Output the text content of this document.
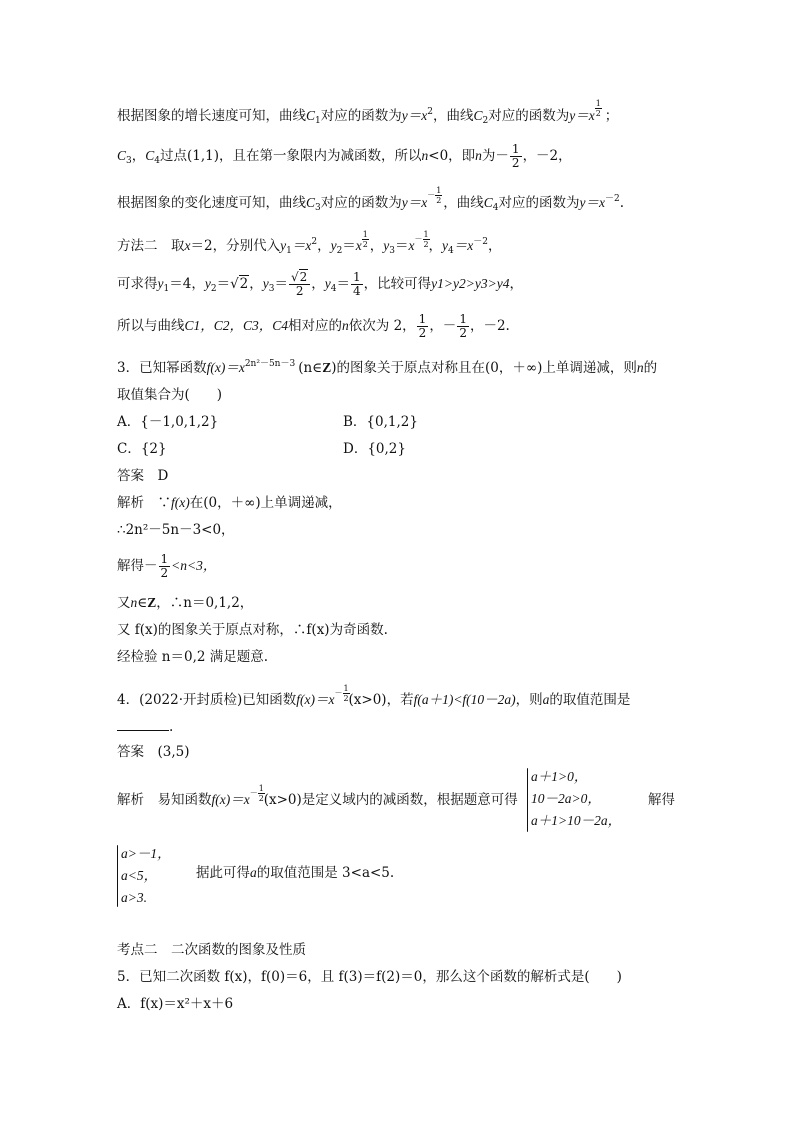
根据图象的增长速度可知，曲线$C_1$对应的函数为$y=x^2$，曲线$C_2$对应的函数为$y=x \frac{1}{2}$ ；
$C_3$，$C_4$过点(1,1)，且在第一象限内为减函数，所以n<0，即n为－ $\frac{1}{2}$ ，－2，
根据图象的变化速度可知，曲线$C_3$对应的函数为y＝x
－ $\frac{1}{2}$ ，曲线$C_4$对应的函数为$y=x^{-2}$.
方法二　取x＝2，分别代入$y_1=x^2$，$y_2=x \frac{1}{2}$ ，$y_3=x - \frac{1}{2}$
，$y_4=x^{-2}$，
可求得$y_1=4$，$y_2=√2$，$y_3= \frac{√2}{2}$ ，$y_4= \frac{1}{4}$ ，比较可得y1>y2>y3>y4，
所以与曲线C1，C2，C3，C4相对应的n依次为 2， $\frac{1}{2}$ ，－ $\frac{1}{2}$ ，－2.
3．已知幂函数$f(x)=x^{2n^2-5n-3}$ (n∈Z)的图象关于原点对称且在(0，＋∞)上单调递减，则n的
取值集合为(　　)
A．{－1,0,1,2}	B．{0,1,2}
C．{2}	D．{0,2}
答案　D
解析　∵f(x)在(0，＋∞)上单调递减，
∴2n²－5n－3<0，
解得－ $\frac{1}{2} <n<3$，
又n∈Z，∴n＝0,1,2，
又 f(x)的图象关于原点对称，∴f(x)为奇函数.
经检验 n＝0,2 满足题意.
4．(2022·开封质检)已知函数$f(x)=x - \frac{1}{2}$
(x>0)，若f(a＋1)<f(10－2a)，则a的取值范围是
.
答案　(3,5)
解析　易知函数$f(x)=x - \frac{1}{2}$
(x>0)是定义域内的减函数，根据题意可得
a＋1>0，
10－2a>0，
a＋1>10－2a，
解得
a>－1，
a<5，
a>3.
据此可得a的取值范围是 3<a<5.
考点二　二次函数的图象及性质
5．已知二次函数 f(x)，f(0)＝6，且 f(3)＝f(2)＝0，那么这个函数的解析式是(　　)
A．f(x)＝x²＋x＋6
